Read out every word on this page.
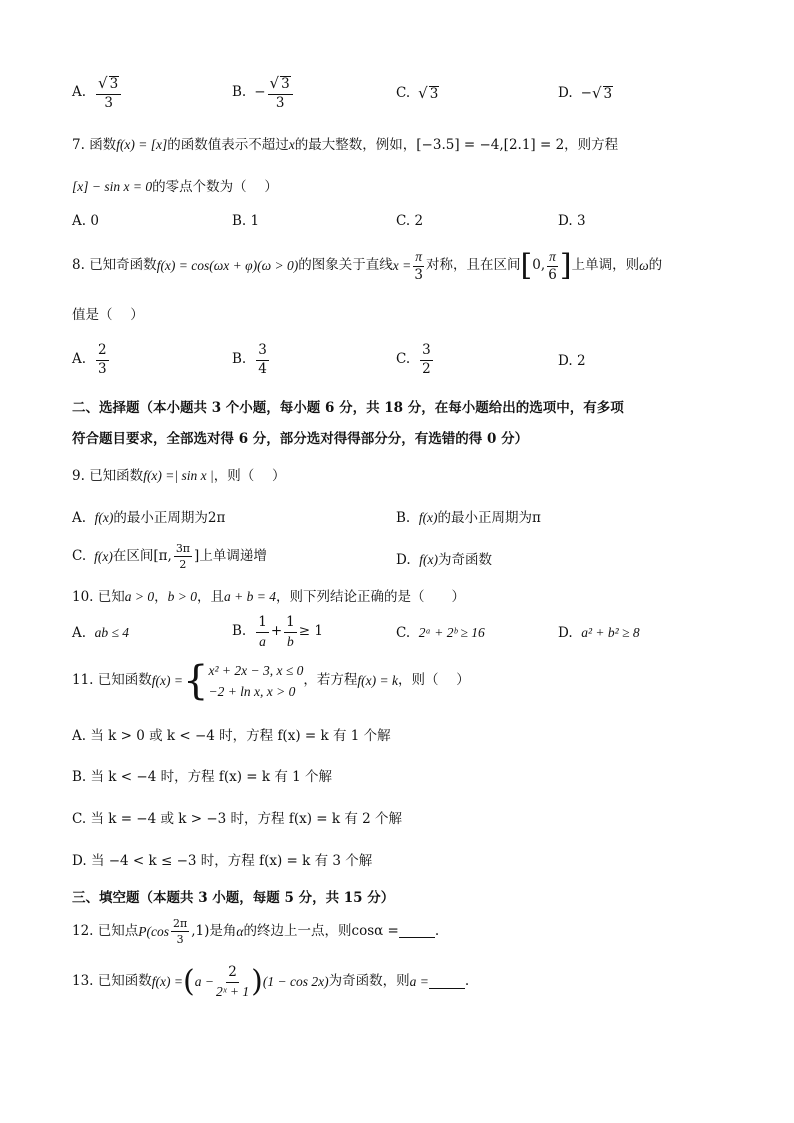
A. $\frac{√ 3}{3}$	B. − $\frac{√ 3}{3}$	C. √ 3	D. − √ 3
7. 函数f(x) = [x]的函数值表示不超过x的最大整数，例如，[−3.5] = −4,[2.1] = 2，则方程
[x] − sin x = 0的零点个数为（　 ）
A. 0	B. 1	C. 2	D. 3
8.
已知奇函数 f(x) = cos(ωx + φ)(ω > 0) 的图象关于直线 $x = \frac{\pi}{3}$ 对称，且在区间 [ 0, $\frac{\pi}{6}$ ] 上单调，则 ω 的
值是（　 ）
A. $\frac{2}{3}$	B. $\frac{3}{4}$	C. $\frac{3}{2}$	D. 2
二、选择题（本小题共 3 个小题，每小题 6 分，共 18 分，在每小题给出的选项中，有多项
符合题目要求，全部选对得 6 分，部分选对得得部分分，有选错的得 0 分）
9. 已知函数f(x) =| sin x |，则（　 ）
A. f(x)的最小正周期为2π	B. f(x)的最小正周期为π
C. f(x) 在区间 [π, $\frac{3\pi}{2}$ ]上单调递增	D. f(x)为奇函数
10. 已知a > 0，b > 0，且a + b = 4，则下列结论正确的是（　　）
A. ab ≤ 4	B. $\frac{1}{a} + \frac{1}{b} \ge 1$	C. 2ᵃ + 2ᵇ ≥ 16	D. a² + b² ≥ 8
11.
已知函数 f(x) = { x² + 2x − 3, x ≤ 0
−2 + ln x, x > 0
，若方程 f(x) = k ，则（　 ）
A. 当 k > 0 或 k < −4 时，方程 f(x) = k 有 1 个解
B. 当 k < −4 时，方程 f(x) = k 有 1 个解
C. 当 k = −4 或 k > −3 时，方程 f(x) = k 有 2 个解
D. 当 −4 < k ≤ −3 时，方程 f(x) = k 有 3 个解
三、填空题（本题共 3 小题，每题 5 分，共 15 分）
12.
已知点 $P(\cos \frac{2\pi}{3} ,1)$ 是角 α 的终边上一点，则 cosα =	.
13.
已知函数 f(x) = ( $a - \frac{2}{\text{2ˣ + 1}}$ ) (1 − cos 2x) 为奇函数，则 a =	.
